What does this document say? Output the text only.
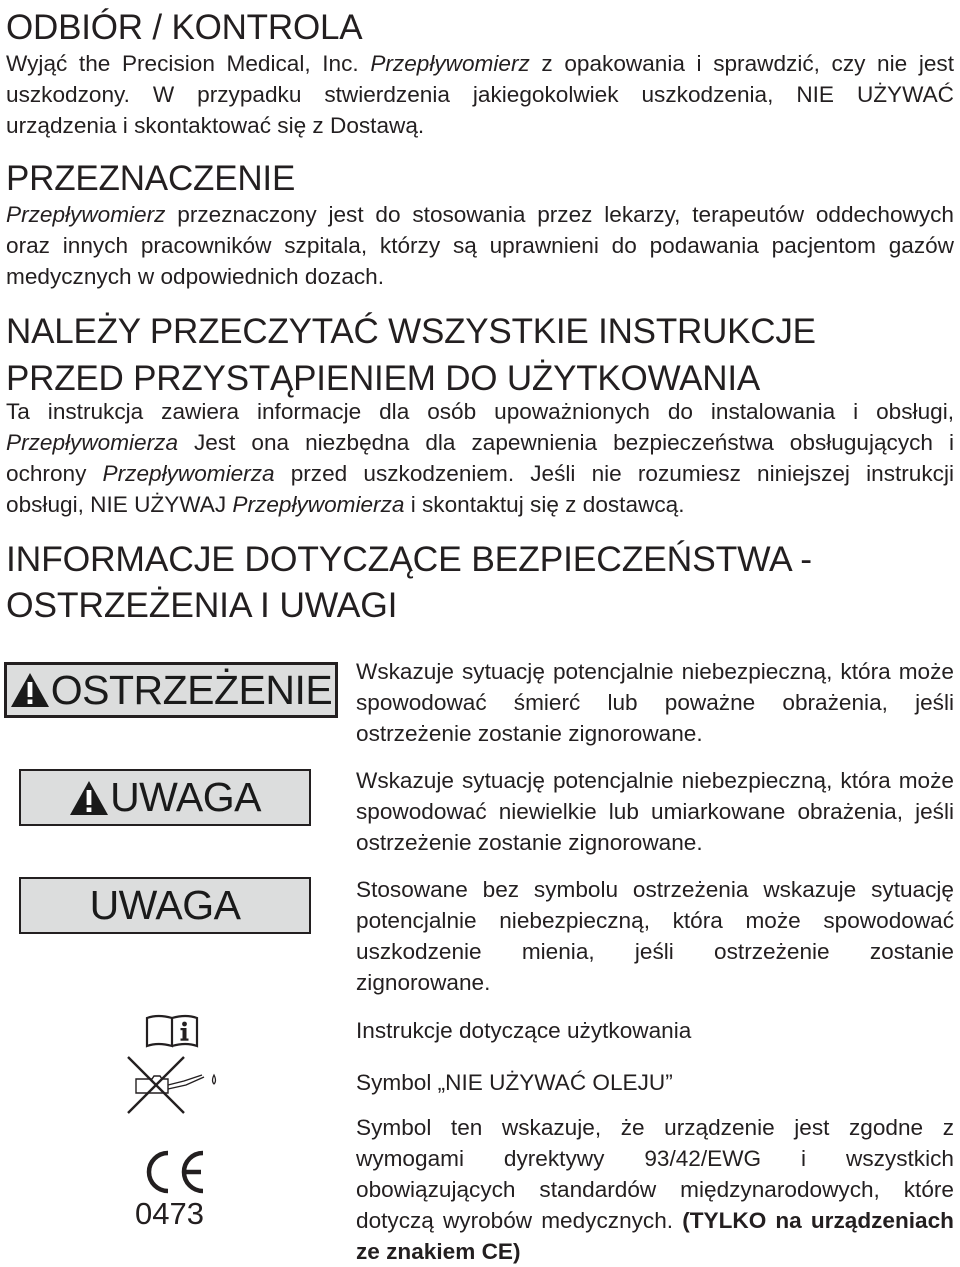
ODBIÓR / KONTROLA

Wyjąć the Precision Medical, Inc. Przepływomierz z opakowania i sprawdzić, czy nie jest uszkodzony. W przypadku stwierdzenia jakiegokolwiek uszkodzenia, NIE UŻYWAĆ urządzenia i skontaktować się z Dostawą.

PRZEZNACZENIE

Przepływomierz przeznaczony jest do stosowania przez lekarzy, terapeutów oddechowych oraz innych pracowników szpitala, którzy są uprawnieni do podawania pacjentom gazów medycznych w odpowiednich dozach.

NALEŻY PRZECZYTAĆ WSZYSTKIE INSTRUKCJE
PRZED PRZYSTĄPIENIEM DO UŻYTKOWANIA

Ta instrukcja zawiera informacje dla osób upoważnionych do instalowania i obsługi, Przepływomierza Jest ona niezbędna dla zapewnienia bezpieczeństwa obsługujących i ochrony Przepływomierza przed uszkodzeniem. Jeśli nie rozumiesz niniejszej instrukcji obsługi, NIE UŻYWAJ Przepływomierza i skontaktuj się z dostawcą.

INFORMACJE DOTYCZĄCE BEZPIECZEŃSTWA -
OSTRZEŻENIA I UWAGI
OSTRZEŻENIE Wskazuje sytuację potencjalnie niebezpieczną, która może spowodować śmierć lub poważne obrażenia, jeśli ostrzeżenie zostanie zignorowane.

UWAGA	Wskazuje sytuację potencjalnie niebezpieczną, która może spowodować niewielkie lub umiarkowane obrażenia, jeśli ostrzeżenie zostanie zignorowane.

UWAGA	Stosowane bez symbolu ostrzeżenia wskazuje sytuację potencjalnie niebezpieczną, która może spowodować uszkodzenie mienia, jeśli ostrzeżenie zostanie zignorowane.

Instrukcje dotyczące użytkowania

Symbol „NIE UŻYWAĆ OLEJU”

0473

Symbol ten wskazuje, że urządzenie jest zgodne z wymogami dyrektywy 93/42/EWG i wszystkich obowiązujących standardów międzynarodowych, które dotyczą wyrobów medycznych. (TYLKO na urządzeniach ze znakiem CE)
